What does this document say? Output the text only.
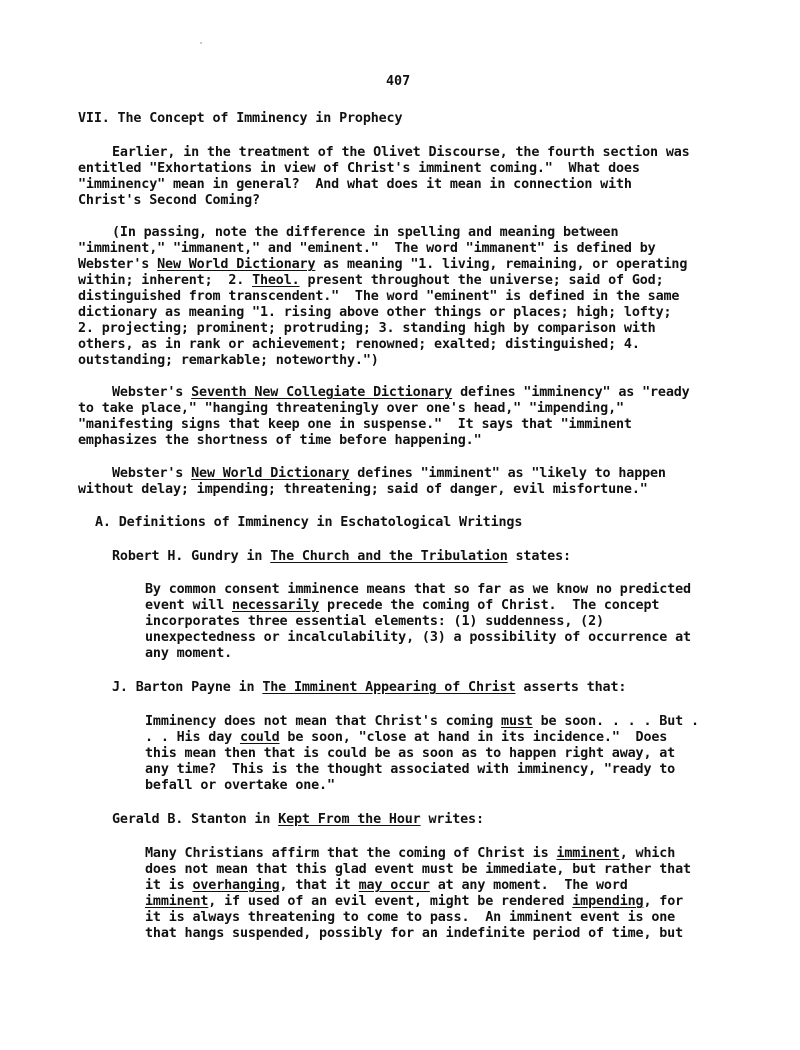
407
VII. The Concept of Imminency in Prophecy
Earlier, in the treatment of the Olivet Discourse, the fourth section was
entitled "Exhortations in view of Christ's imminent coming."  What does
"imminency" mean in general?  And what does it mean in connection with
Christ's Second Coming?
(In passing, note the difference in spelling and meaning between
"imminent," "immanent," and "eminent."  The word "immanent" is defined by
Webster's New World Dictionary as meaning "1. living, remaining, or operating
within; inherent;  2. Theol. present throughout the universe; said of God;
distinguished from transcendent."  The word "eminent" is defined in the same
dictionary as meaning "1. rising above other things or places; high; lofty;
2. projecting; prominent; protruding; 3. standing high by comparison with
others, as in rank or achievement; renowned; exalted; distinguished; 4.
outstanding; remarkable; noteworthy.")
Webster's Seventh New Collegiate Dictionary defines "imminency" as "ready
to take place," "hanging threateningly over one's head," "impending,"
"manifesting signs that keep one in suspense."  It says that "imminent
emphasizes the shortness of time before happening."
Webster's New World Dictionary defines "imminent" as "likely to happen
without delay; impending; threatening; said of danger, evil misfortune."
A. Definitions of Imminency in Eschatological Writings
Robert H. Gundry in The Church and the Tribulation states:
By common consent imminence means that so far as we know no predicted
event will necessarily precede the coming of Christ.  The concept
incorporates three essential elements: (1) suddenness, (2)
unexpectedness or incalculability, (3) a possibility of occurrence at
any moment.
J. Barton Payne in The Imminent Appearing of Christ asserts that:
Imminency does not mean that Christ's coming must be soon. . . . But .
. . His day could be soon, "close at hand in its incidence."  Does
this mean then that is could be as soon as to happen right away, at
any time?  This is the thought associated with imminency, "ready to
befall or overtake one."
Gerald B. Stanton in Kept From the Hour writes:
Many Christians affirm that the coming of Christ is imminent, which
does not mean that this glad event must be immediate, but rather that
it is overhanging, that it may occur at any moment.  The word
imminent, if used of an evil event, might be rendered impending, for
it is always threatening to come to pass.  An imminent event is one
that hangs suspended, possibly for an indefinite period of time, but
